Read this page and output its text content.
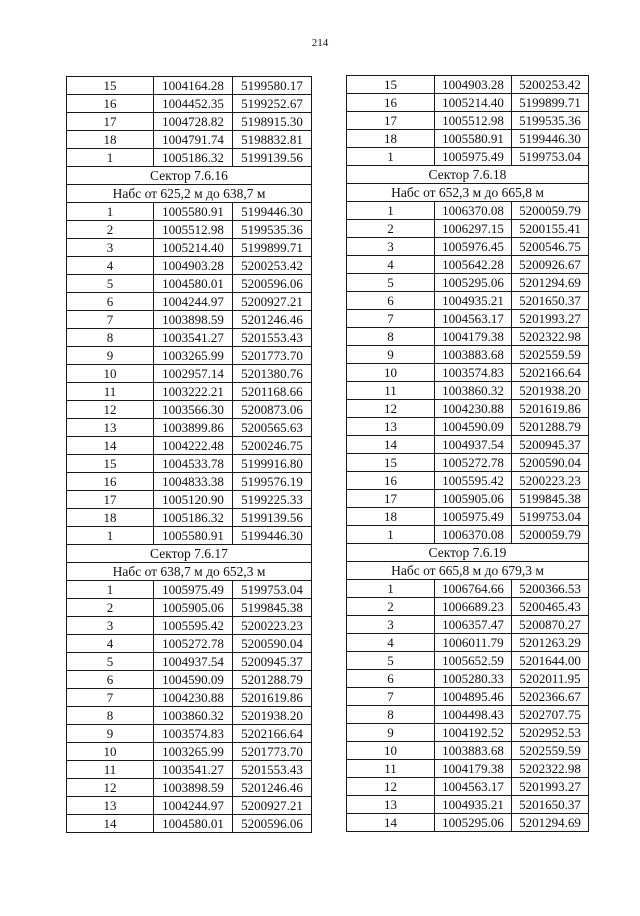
214
15	1004164.28	5199580.17
16	1004452.35	5199252.67
17	1004728.82	5198915.30
18	1004791.74	5198832.81
1	1005186.32	5199139.56
Сектор 7.6.16		
Набс от 625,2 м до 638,7 м		
1	1005580.91	5199446.30
2	1005512.98	5199535.36
3	1005214.40	5199899.71
4	1004903.28	5200253.42
5	1004580.01	5200596.06
6	1004244.97	5200927.21
7	1003898.59	5201246.46
8	1003541.27	5201553.43
9	1003265.99	5201773.70
10	1002957.14	5201380.76
11	1003222.21	5201168.66
12	1003566.30	5200873.06
13	1003899.86	5200565.63
14	1004222.48	5200246.75
15	1004533.78	5199916.80
16	1004833.38	5199576.19
17	1005120.90	5199225.33
18	1005186.32	5199139.56
1	1005580.91	5199446.30
Сектор 7.6.17		
Набс от 638,7 м до 652,3 м		
1	1005975.49	5199753.04
2	1005905.06	5199845.38
3	1005595.42	5200223.23
4	1005272.78	5200590.04
5	1004937.54	5200945.37
6	1004590.09	5201288.79
7	1004230.88	5201619.86
8	1003860.32	5201938.20
9	1003574.83	5202166.64
10	1003265.99	5201773.70
11	1003541.27	5201553.43
12	1003898.59	5201246.46
13	1004244.97	5200927.21
14	1004580.01	5200596.06
15	1004903.28	5200253.42
16	1005214.40	5199899.71
17	1005512.98	5199535.36
18	1005580.91	5199446.30
1	1005975.49	5199753.04
Сектор 7.6.18		
Набс от 652,3 м до 665,8 м		
1	1006370.08	5200059.79
2	1006297.15	5200155.41
3	1005976.45	5200546.75
4	1005642.28	5200926.67
5	1005295.06	5201294.69
6	1004935.21	5201650.37
7	1004563.17	5201993.27
8	1004179.38	5202322.98
9	1003883.68	5202559.59
10	1003574.83	5202166.64
11	1003860.32	5201938.20
12	1004230.88	5201619.86
13	1004590.09	5201288.79
14	1004937.54	5200945.37
15	1005272.78	5200590.04
16	1005595.42	5200223.23
17	1005905.06	5199845.38
18	1005975.49	5199753.04
1	1006370.08	5200059.79
Сектор 7.6.19		
Набс от 665,8 м до 679,3 м		
1	1006764.66	5200366.53
2	1006689.23	5200465.43
3	1006357.47	5200870.27
4	1006011.79	5201263.29
5	1005652.59	5201644.00
6	1005280.33	5202011.95
7	1004895.46	5202366.67
8	1004498.43	5202707.75
9	1004192.52	5202952.53
10	1003883.68	5202559.59
11	1004179.38	5202322.98
12	1004563.17	5201993.27
13	1004935.21	5201650.37
14	1005295.06	5201294.69
